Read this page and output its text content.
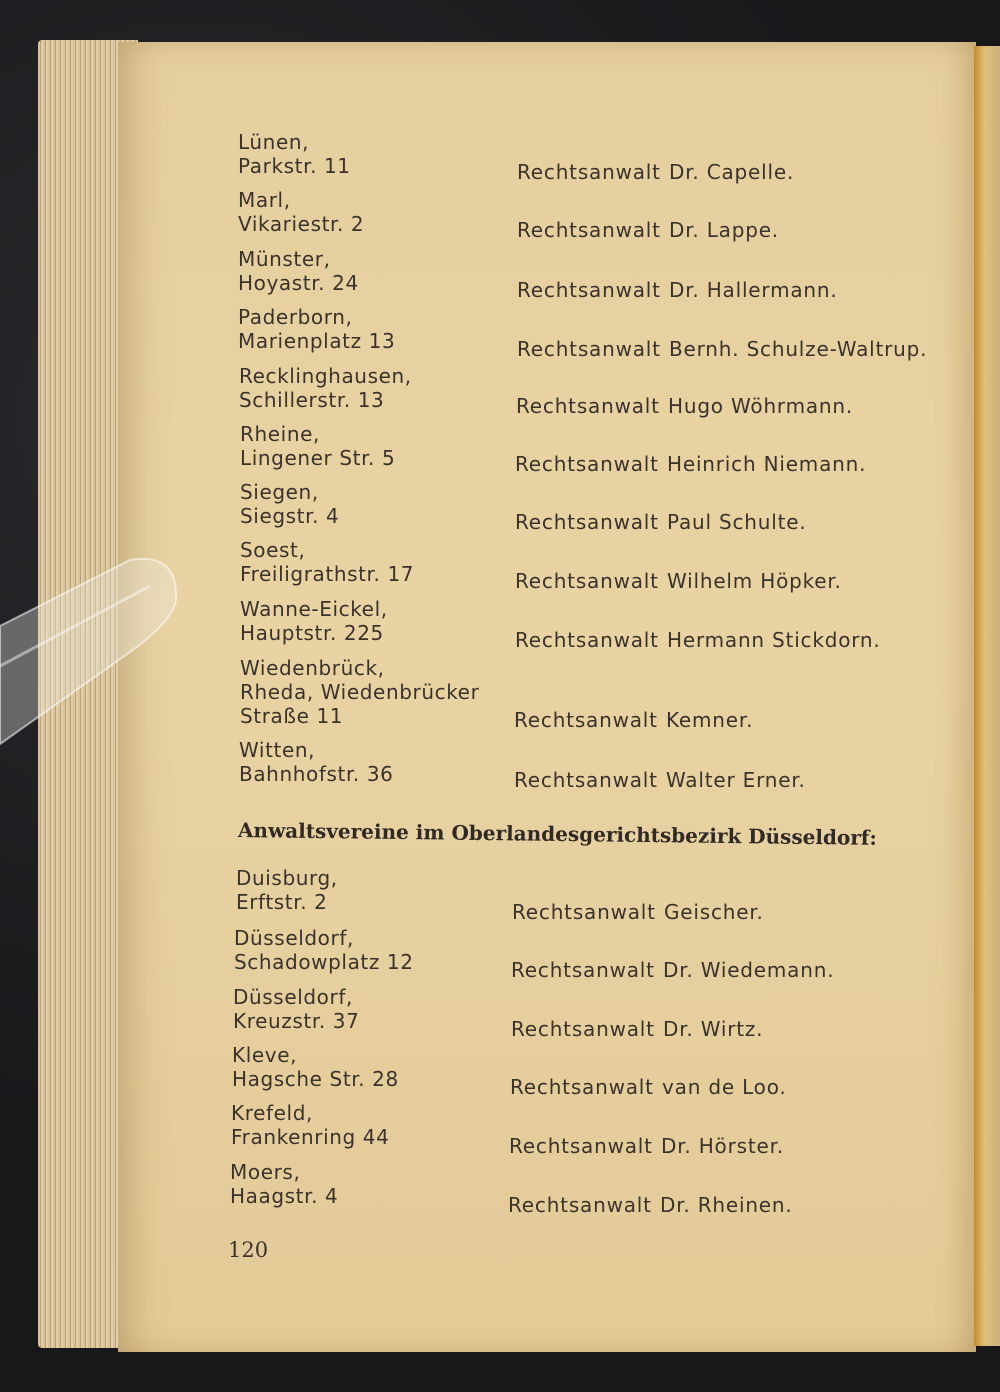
Lünen,
Parkstr. 11
Marl,
Vikariestr. 2
Münster,
Hoyastr. 24
Paderborn,
Marienplatz 13
Recklinghausen,
Schillerstr. 13
Rheine,
Lingener Str. 5
Siegen,
Siegstr. 4
Soest,
Freiligrathstr. 17
Wanne-Eickel,
Hauptstr. 225
Wiedenbrück,
Rheda, Wiedenbrücker
Straße 11
Witten,
Bahnhofstr. 36
Rechtsanwalt Dr. Capelle.
Rechtsanwalt Dr. Lappe.
Rechtsanwalt Dr. Hallermann.
Rechtsanwalt Bernh. Schulze-Waltrup.
Rechtsanwalt Hugo Wöhrmann.
Rechtsanwalt Heinrich Niemann.
Rechtsanwalt Paul Schulte.
Rechtsanwalt Wilhelm Höpker.
Rechtsanwalt Hermann Stickdorn.
Rechtsanwalt Kemner.
Rechtsanwalt Walter Erner.
Anwaltsvereine im Oberlandesgerichtsbezirk Düsseldorf:
Duisburg,
Erftstr. 2
Düsseldorf,
Schadowplatz 12
Düsseldorf,
Kreuzstr. 37
Kleve,
Hagsche Str. 28
Krefeld,
Frankenring 44
Moers,
Haagstr. 4
Rechtsanwalt Geischer.
Rechtsanwalt Dr. Wiedemann.
Rechtsanwalt Dr. Wirtz.
Rechtsanwalt van de Loo.
Rechtsanwalt Dr. Hörster.
Rechtsanwalt Dr. Rheinen.
120
